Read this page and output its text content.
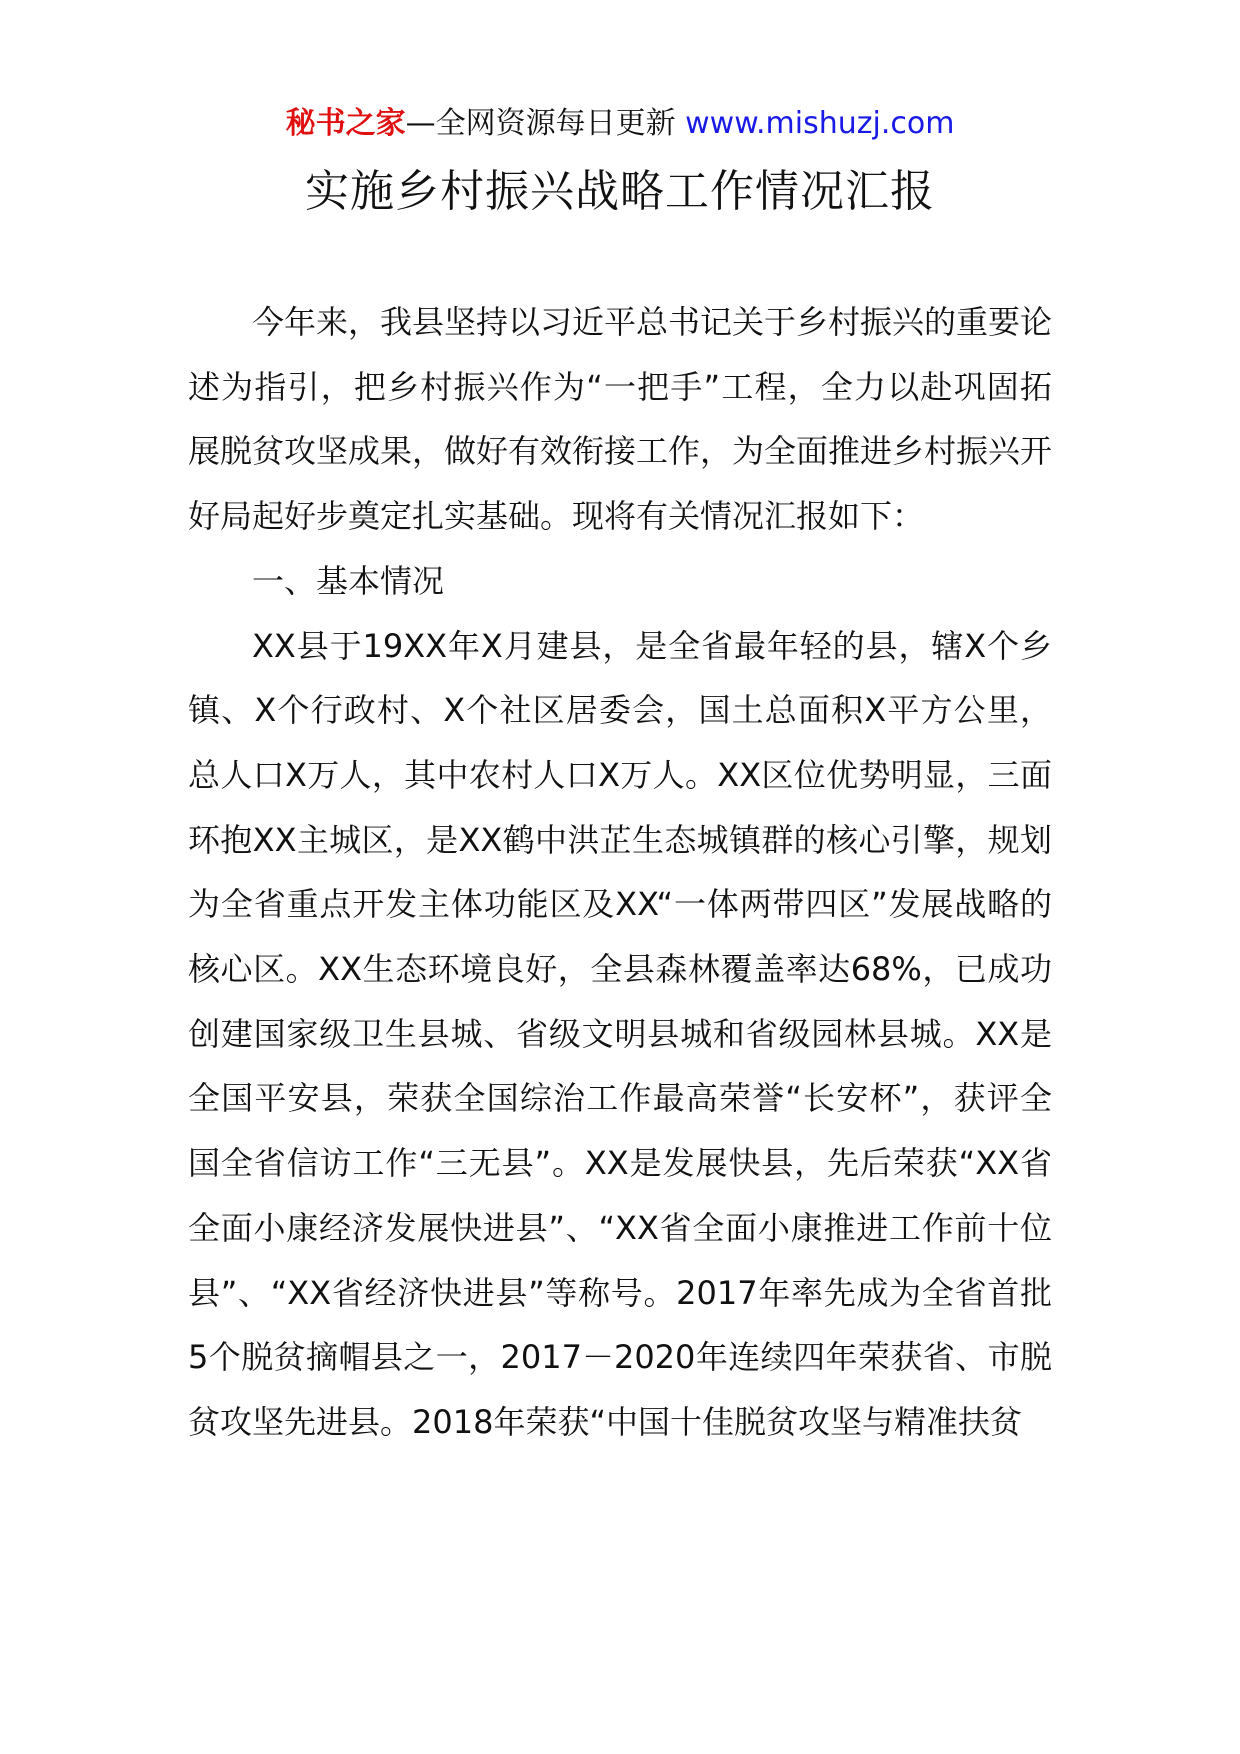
秘书之家—全网资源每日更新 www.mishuzj.com
实施乡村振兴战略工作情况汇报

今年来，我县坚持以习近平总书记关于乡村振兴的重要论述为指引，把乡村振兴作为“一把手”工程，全力以赴巩固拓展脱贫攻坚成果，做好有效衔接工作，为全面推进乡村振兴开好局起好步奠定扎实基础。现将有关情况汇报如下：

一、基本情况

XX县于19XX年X月建县，是全省最年轻的县，辖X个乡镇、X个行政村、X个社区居委会，国土总面积X平方公里，总人口X万人，其中农村人口X万人。XX区位优势明显，三面环抱XX主城区，是XX鹤中洪芷生态城镇群的核心引擎，规划为全省重点开发主体功能区及XX“一体两带四区”发展战略的核心区。XX生态环境良好，全县森林覆盖率达68%，已成功创建国家级卫生县城、省级文明县城和省级园林县城。XX是全国平安县，荣获全国综治工作最高荣誉“长安杯”，获评全国全省信访工作“三无县”。XX是发展快县，先后荣获“XX省全面小康经济发展快进县”、“XX省全面小康推进工作前十位县”、“XX省经济快进县”等称号。2017年率先成为全省首批5个脱贫摘帽县之一，2017－2020年连续四年荣获省、市脱贫攻坚先进县。2018年荣获“中国十佳脱贫攻坚与精准扶贫
